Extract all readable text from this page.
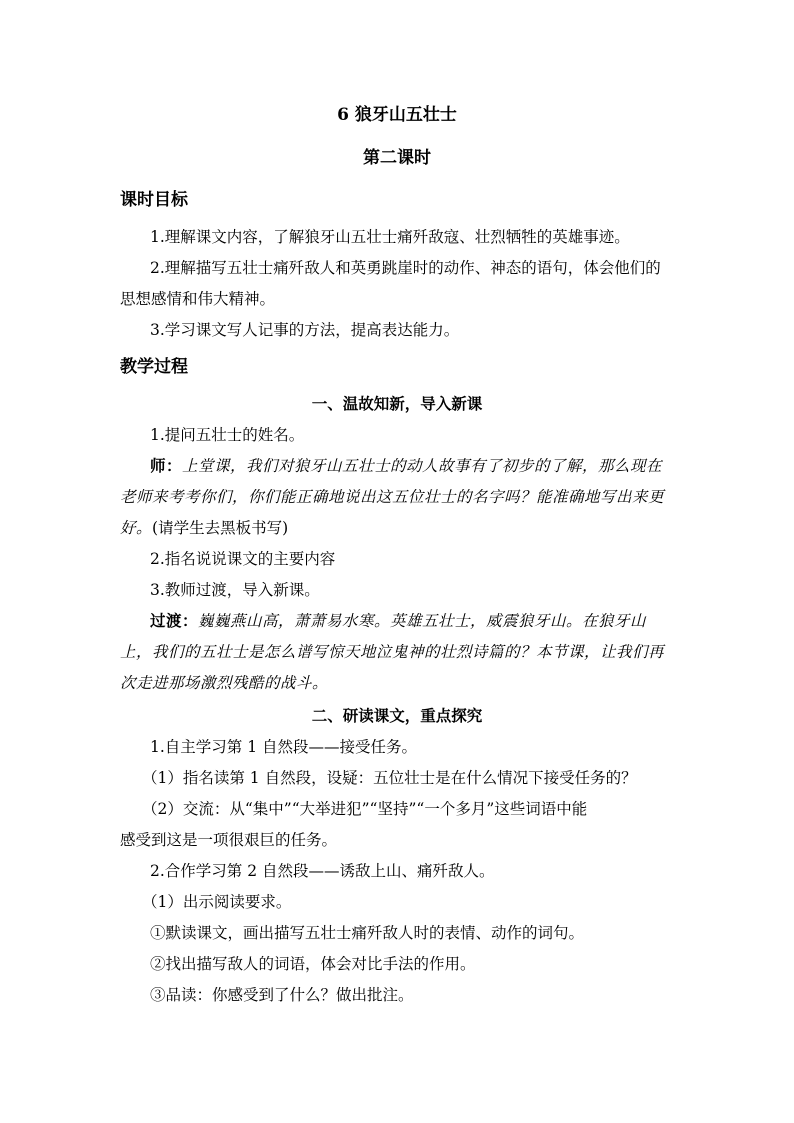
6 狼牙山五壮士
第二课时
课时目标
1.理解课文内容，了解狼牙山五壮士痛歼敌寇、壮烈牺牲的英雄事迹。
2.理解描写五壮士痛歼敌人和英勇跳崖时的动作、神态的语句，体会他们的
思想感情和伟大精神。
3.学习课文写人记事的方法，提高表达能力。
教学过程
一、温故知新，导入新课
1.提问五壮士的姓名。
师：上堂课，我们对狼牙山五壮士的动人故事有了初步的了解，那么现在
老师来考考你们，你们能正确地说出这五位壮士的名字吗？能准确地写出来更
好。(请学生去黑板书写)
2.指名说说课文的主要内容
3.教师过渡，导入新课。
过渡：巍巍燕山高，萧萧易水寒。英雄五壮士，威震狼牙山。在狼牙山
上，我们的五壮士是怎么谱写惊天地泣鬼神的壮烈诗篇的？本节课，让我们再
次走进那场激烈残酷的战斗。
二、研读课文，重点探究
1.自主学习第 1 自然段——接受任务。
（1）指名读第 1 自然段，设疑：五位壮士是在什么情况下接受任务的？
（2）交流：从“集中”“大举进犯”“坚持”“一个多月”这些词语中能
感受到这是一项很艰巨的任务。
2.合作学习第 2 自然段——诱敌上山、痛歼敌人。
（1）出示阅读要求。
①默读课文，画出描写五壮士痛歼敌人时的表情、动作的词句。
②找出描写敌人的词语，体会对比手法的作用。
③品读：你感受到了什么？做出批注。
